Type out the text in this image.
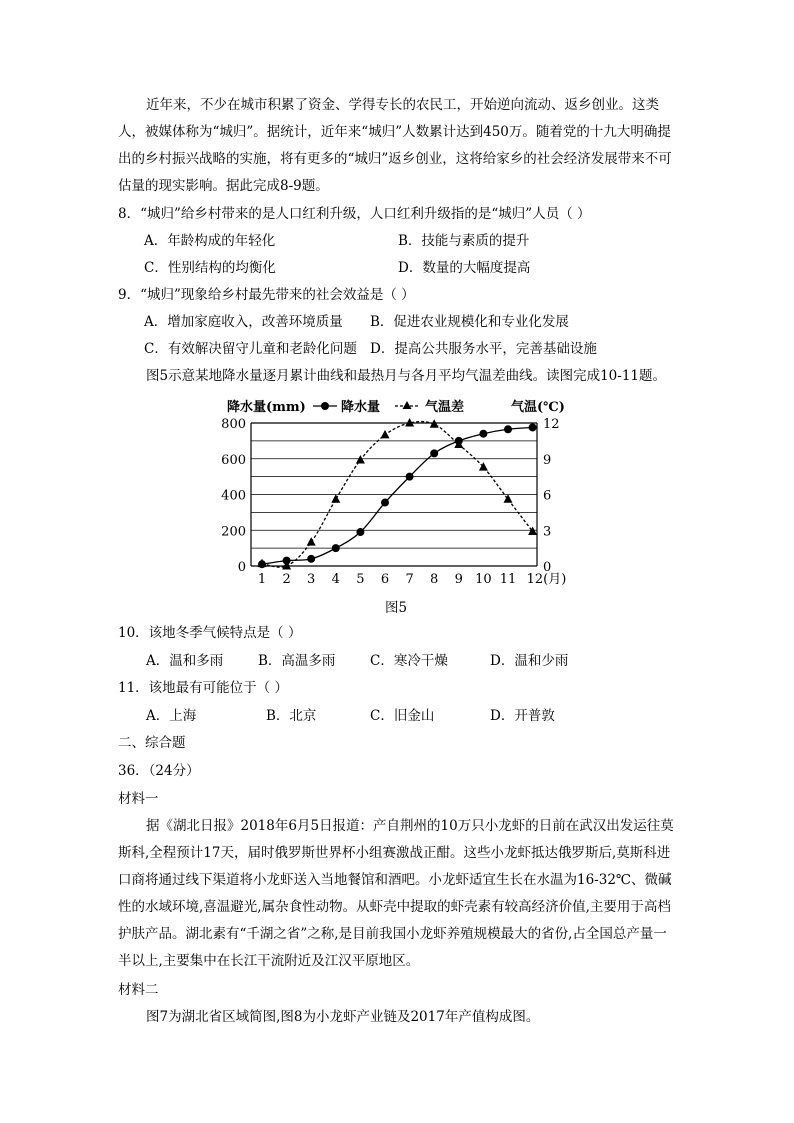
近年来，不少在城市积累了资金、学得专长的农民工，开始逆向流动、返乡创业。这类人，被媒体称为“城归”。据统计，近年来“城归”人数累计达到450万。随着党的十九大明确提出的乡村振兴战略的实施，将有更多的“城归”返乡创业，这将给家乡的社会经济发展带来不可估量的现实影响。据此完成8-9题。

8．“城归”给乡村带来的是人口红利升级，人口红利升级指的是“城归”人员（ ）
A．年龄构成的年轻化	B．技能与素质的提升
C．性别结构的均衡化	D．数量的大幅度提高
9．“城归”现象给乡村最先带来的社会效益是（ ）
A．增加家庭收入，改善环境质量 B．促进农业规模化和专业化发展
C．有效解决留守儿童和老龄化问题 D．提高公共服务水平，完善基础设施
图5示意某地降水量逐月累计曲线和最热月与各月平均气温差曲线。读图完成10-11题。
降水量(mm)	降水量	气温差	气温(℃)
0
200
400
600
800
0
3
6
9
12
1 2 3 4 5 6 7 8 9 10 11 12(月)
图5
10．该地冬季气候特点是（ ）
A．温和多雨	B．高温多雨	C．寒冷干燥	D．温和少雨
11．该地最有可能位于（ ）
A．上海	B．北京	C．旧金山	D．开普敦
二、综合题
36．（24分）
材料一

据《湖北日报》2018年6月5日报道：产自荆州的10万只小龙虾的日前在武汉出发运往莫斯科,全程预计17天，届时俄罗斯世界杯小组赛激战正酣。这些小龙虾抵达俄罗斯后,莫斯科进口商将通过线下渠道将小龙虾送入当地餐馆和酒吧。小龙虾适宜生长在水温为16-32℃、微碱性的水域环境,喜温避光,属杂食性动物。从虾壳中提取的虾壳素有较高经济价值,主要用于高档护肤产品。湖北素有“千湖之省”之称,是目前我国小龙虾养殖规模最大的省份,占全国总产量一半以上,主要集中在长江干流附近及江汉平原地区。

材料二
图7为湖北省区域简图,图8为小龙虾产业链及2017年产值构成图。
